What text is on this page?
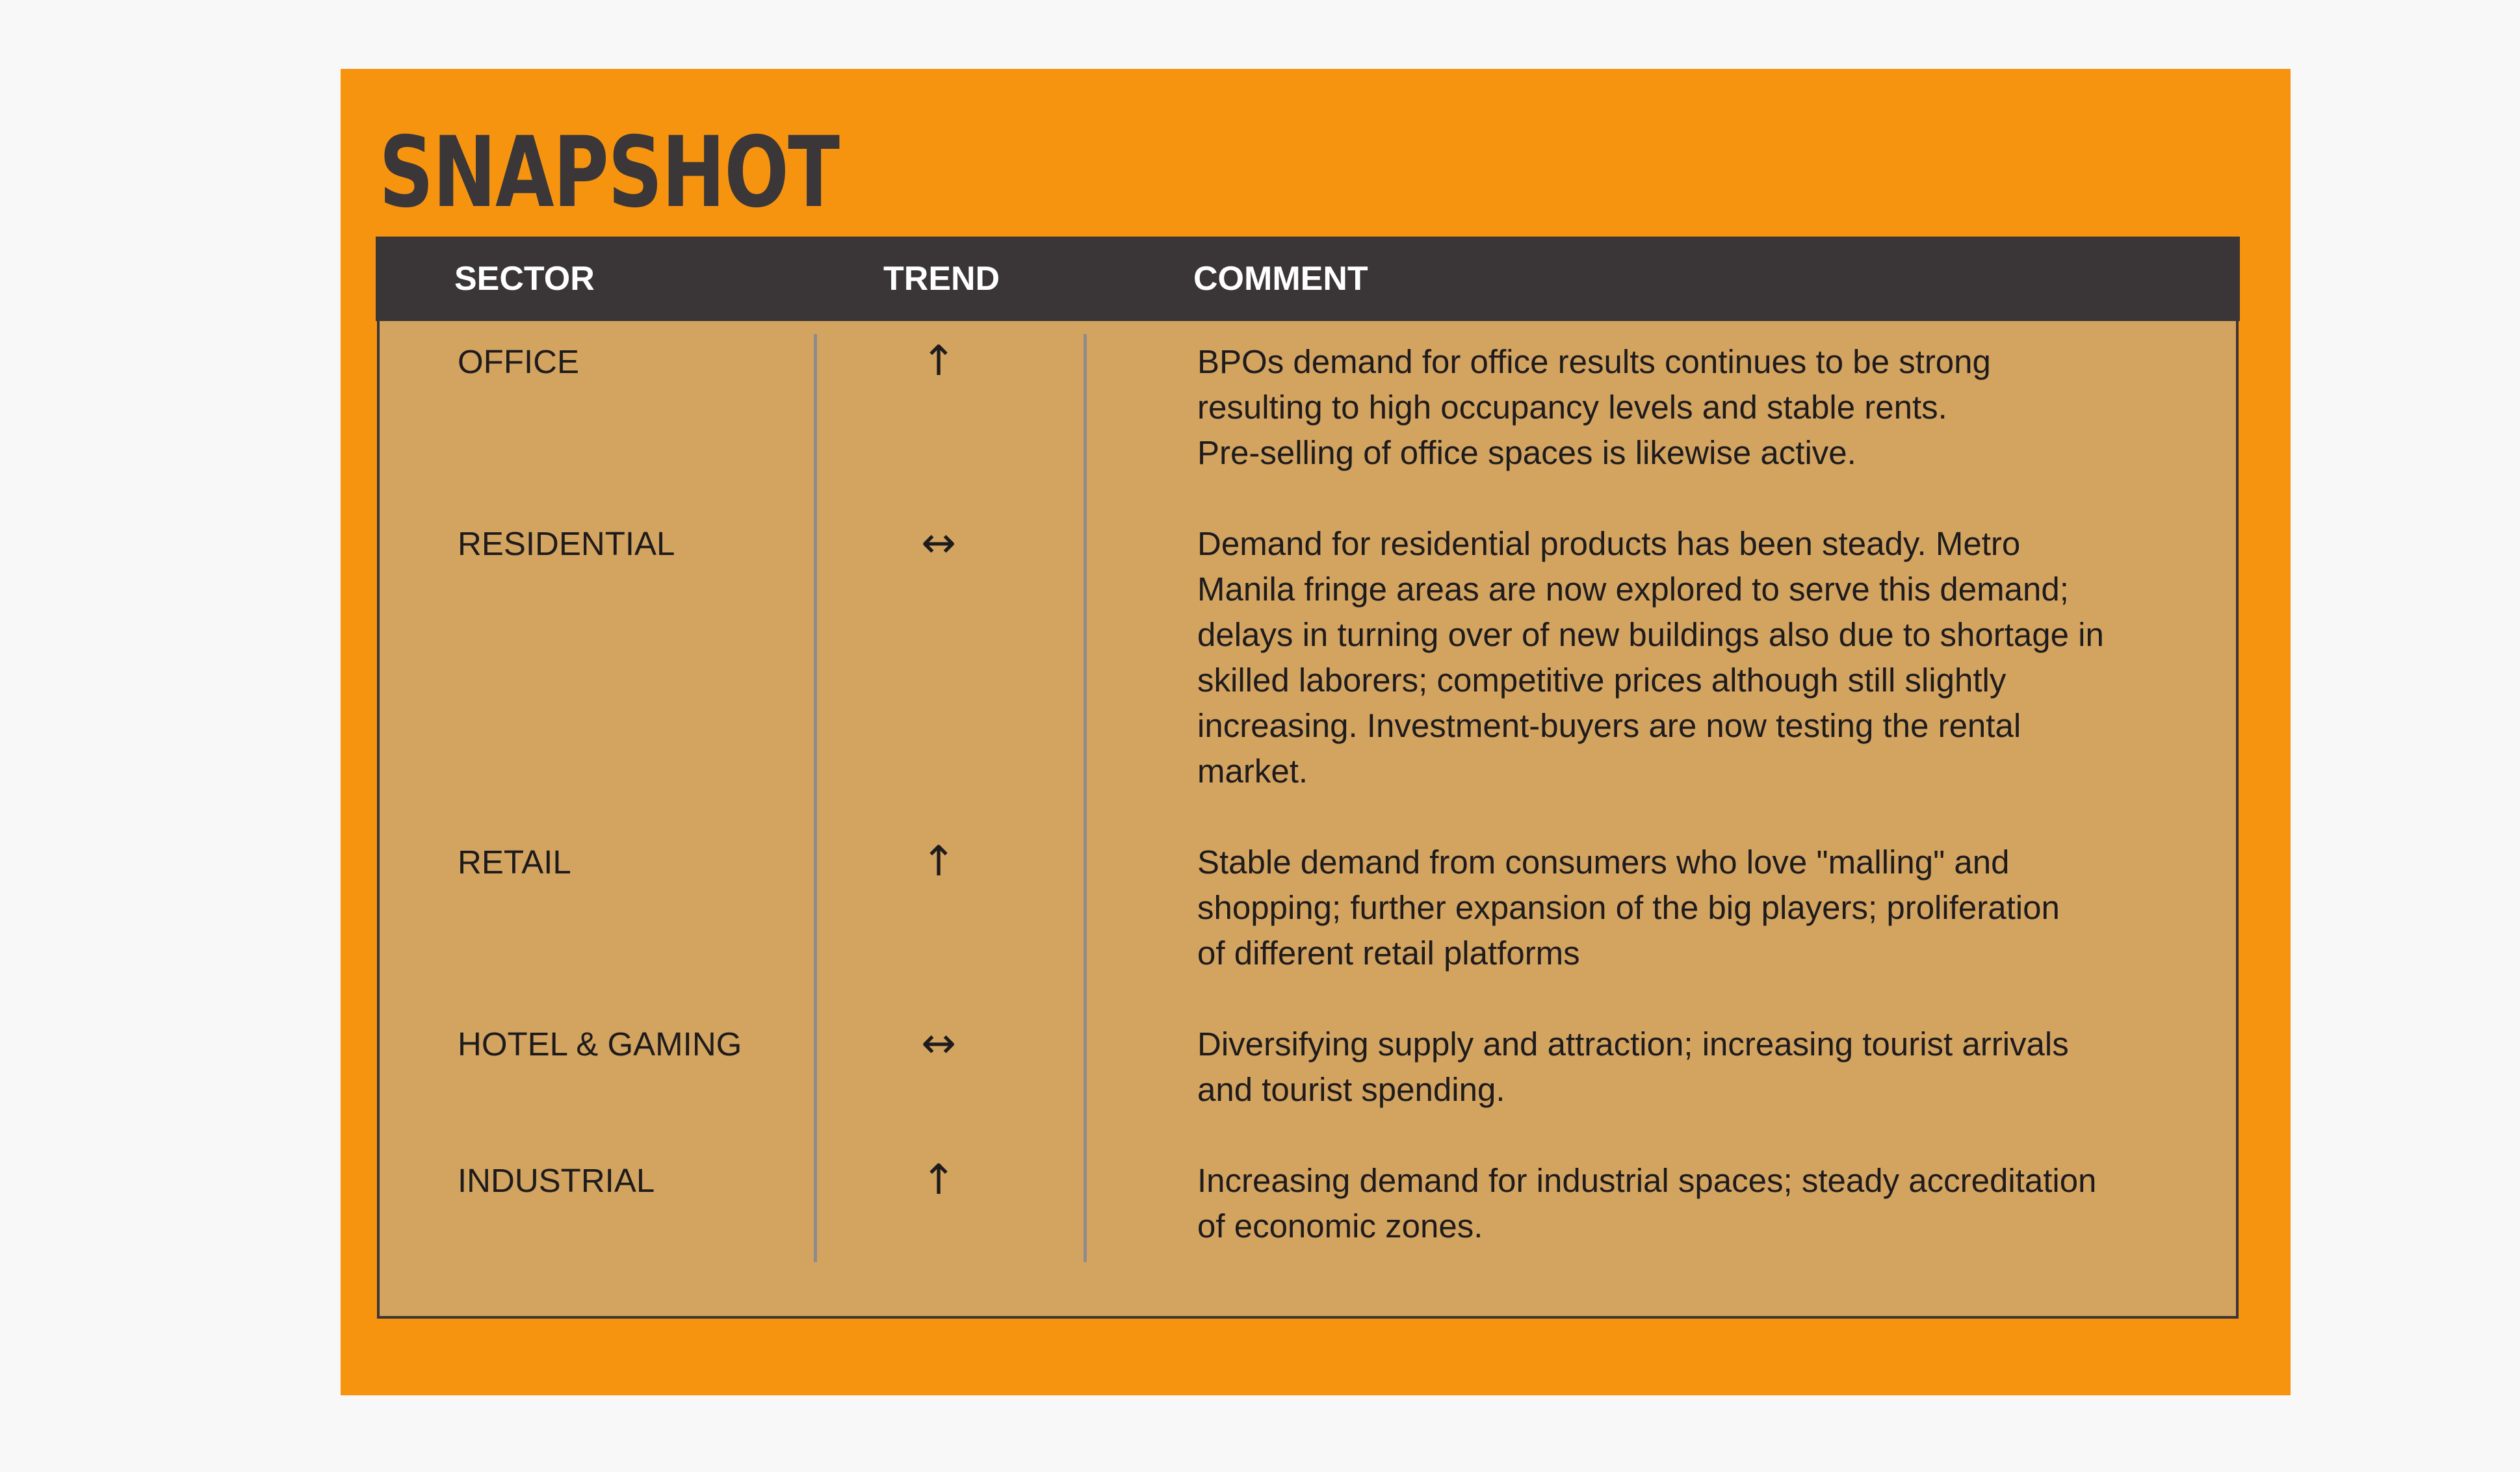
SNAPSHOT
SECTOR	TREND	COMMENT
OFFICE	↑	BPOs demand for office results continues to be strong
resulting to high occupancy levels and stable rents.
Pre-selling of office spaces is likewise active.
RESIDENTIAL	↔	Demand for residential products has been steady. Metro
Manila fringe areas are now explored to serve this demand;
delays in turning over of new buildings also due to shortage in
skilled laborers; competitive prices although still slightly
increasing. Investment-buyers are now testing the rental
market.
RETAIL	↑	Stable demand from consumers who love "malling" and
shopping; further expansion of the big players; proliferation
of different retail platforms
HOTEL & GAMING	↔	Diversifying supply and attraction; increasing tourist arrivals
and tourist spending.
INDUSTRIAL	↑	Increasing demand for industrial spaces; steady accreditation
of economic zones.
